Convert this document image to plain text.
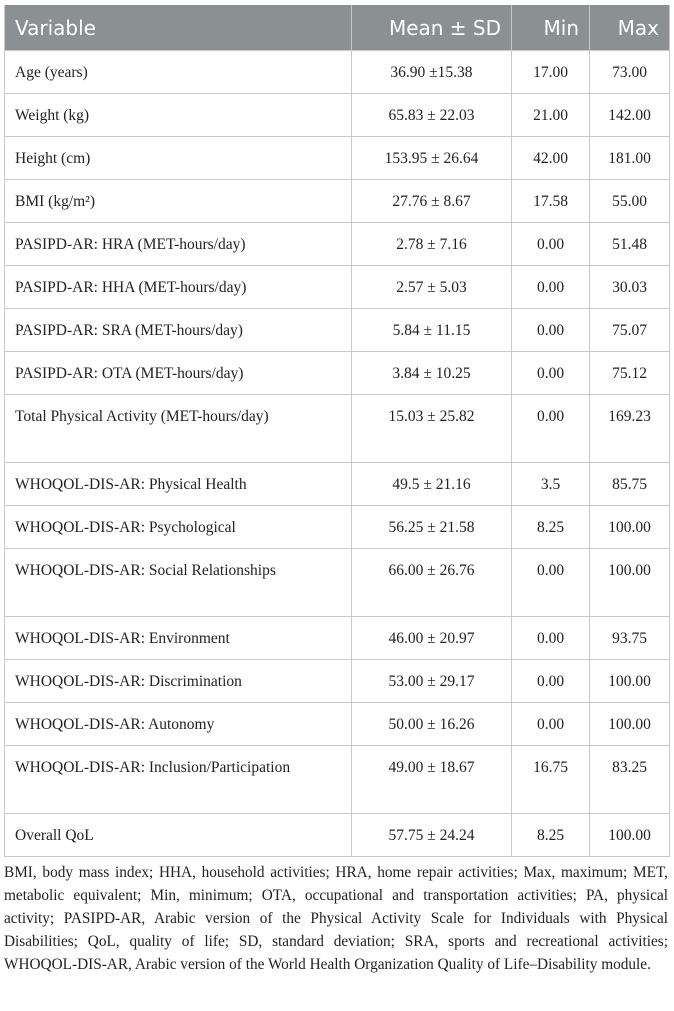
Variable	Mean ± SD	Min	Max
Age (years)	36.90 ±15.38	17.00	73.00
Weight (kg)	65.83 ± 22.03	21.00	142.00
Height (cm)	153.95 ± 26.64	42.00	181.00
BMI (kg/m²)	27.76 ± 8.67	17.58	55.00
PASIPD-AR: HRA (MET-hours/day)	2.78 ± 7.16	0.00	51.48
PASIPD-AR: HHA (MET-hours/day)	2.57 ± 5.03	0.00	30.03
PASIPD-AR: SRA (MET-hours/day)	5.84 ± 11.15	0.00	75.07
PASIPD-AR: OTA (MET-hours/day)	3.84 ± 10.25	0.00	75.12
Total Physical Activity (MET-hours/day)	15.03 ± 25.82	0.00	169.23
WHOQOL-DIS-AR: Physical Health	49.5 ± 21.16	3.5	85.75
WHOQOL-DIS-AR: Psychological	56.25 ± 21.58	8.25	100.00
WHOQOL-DIS-AR: Social Relationships	66.00 ± 26.76	0.00	100.00
WHOQOL-DIS-AR: Environment	46.00 ± 20.97	0.00	93.75
WHOQOL-DIS-AR: Discrimination	53.00 ± 29.17	0.00	100.00
WHOQOL-DIS-AR: Autonomy	50.00 ± 16.26	0.00	100.00
WHOQOL-DIS-AR: Inclusion/Participation	49.00 ± 18.67	16.75	83.25
Overall QoL	57.75 ± 24.24	8.25	100.00
BMI, body mass index; HHA, household activities; HRA, home repair activities; Max, maximum; MET, metabolic equivalent; Min, minimum; OTA, occupational and transportation activities; PA, physical activity; PASIPD-AR, Arabic version of the Physical Activity Scale for Individuals with Physical Disabilities; QoL, quality of life; SD, standard deviation; SRA, sports and recreational activities; WHOQOL-DIS-AR, Arabic version of the World Health Organization Quality of Life–Disability module.
